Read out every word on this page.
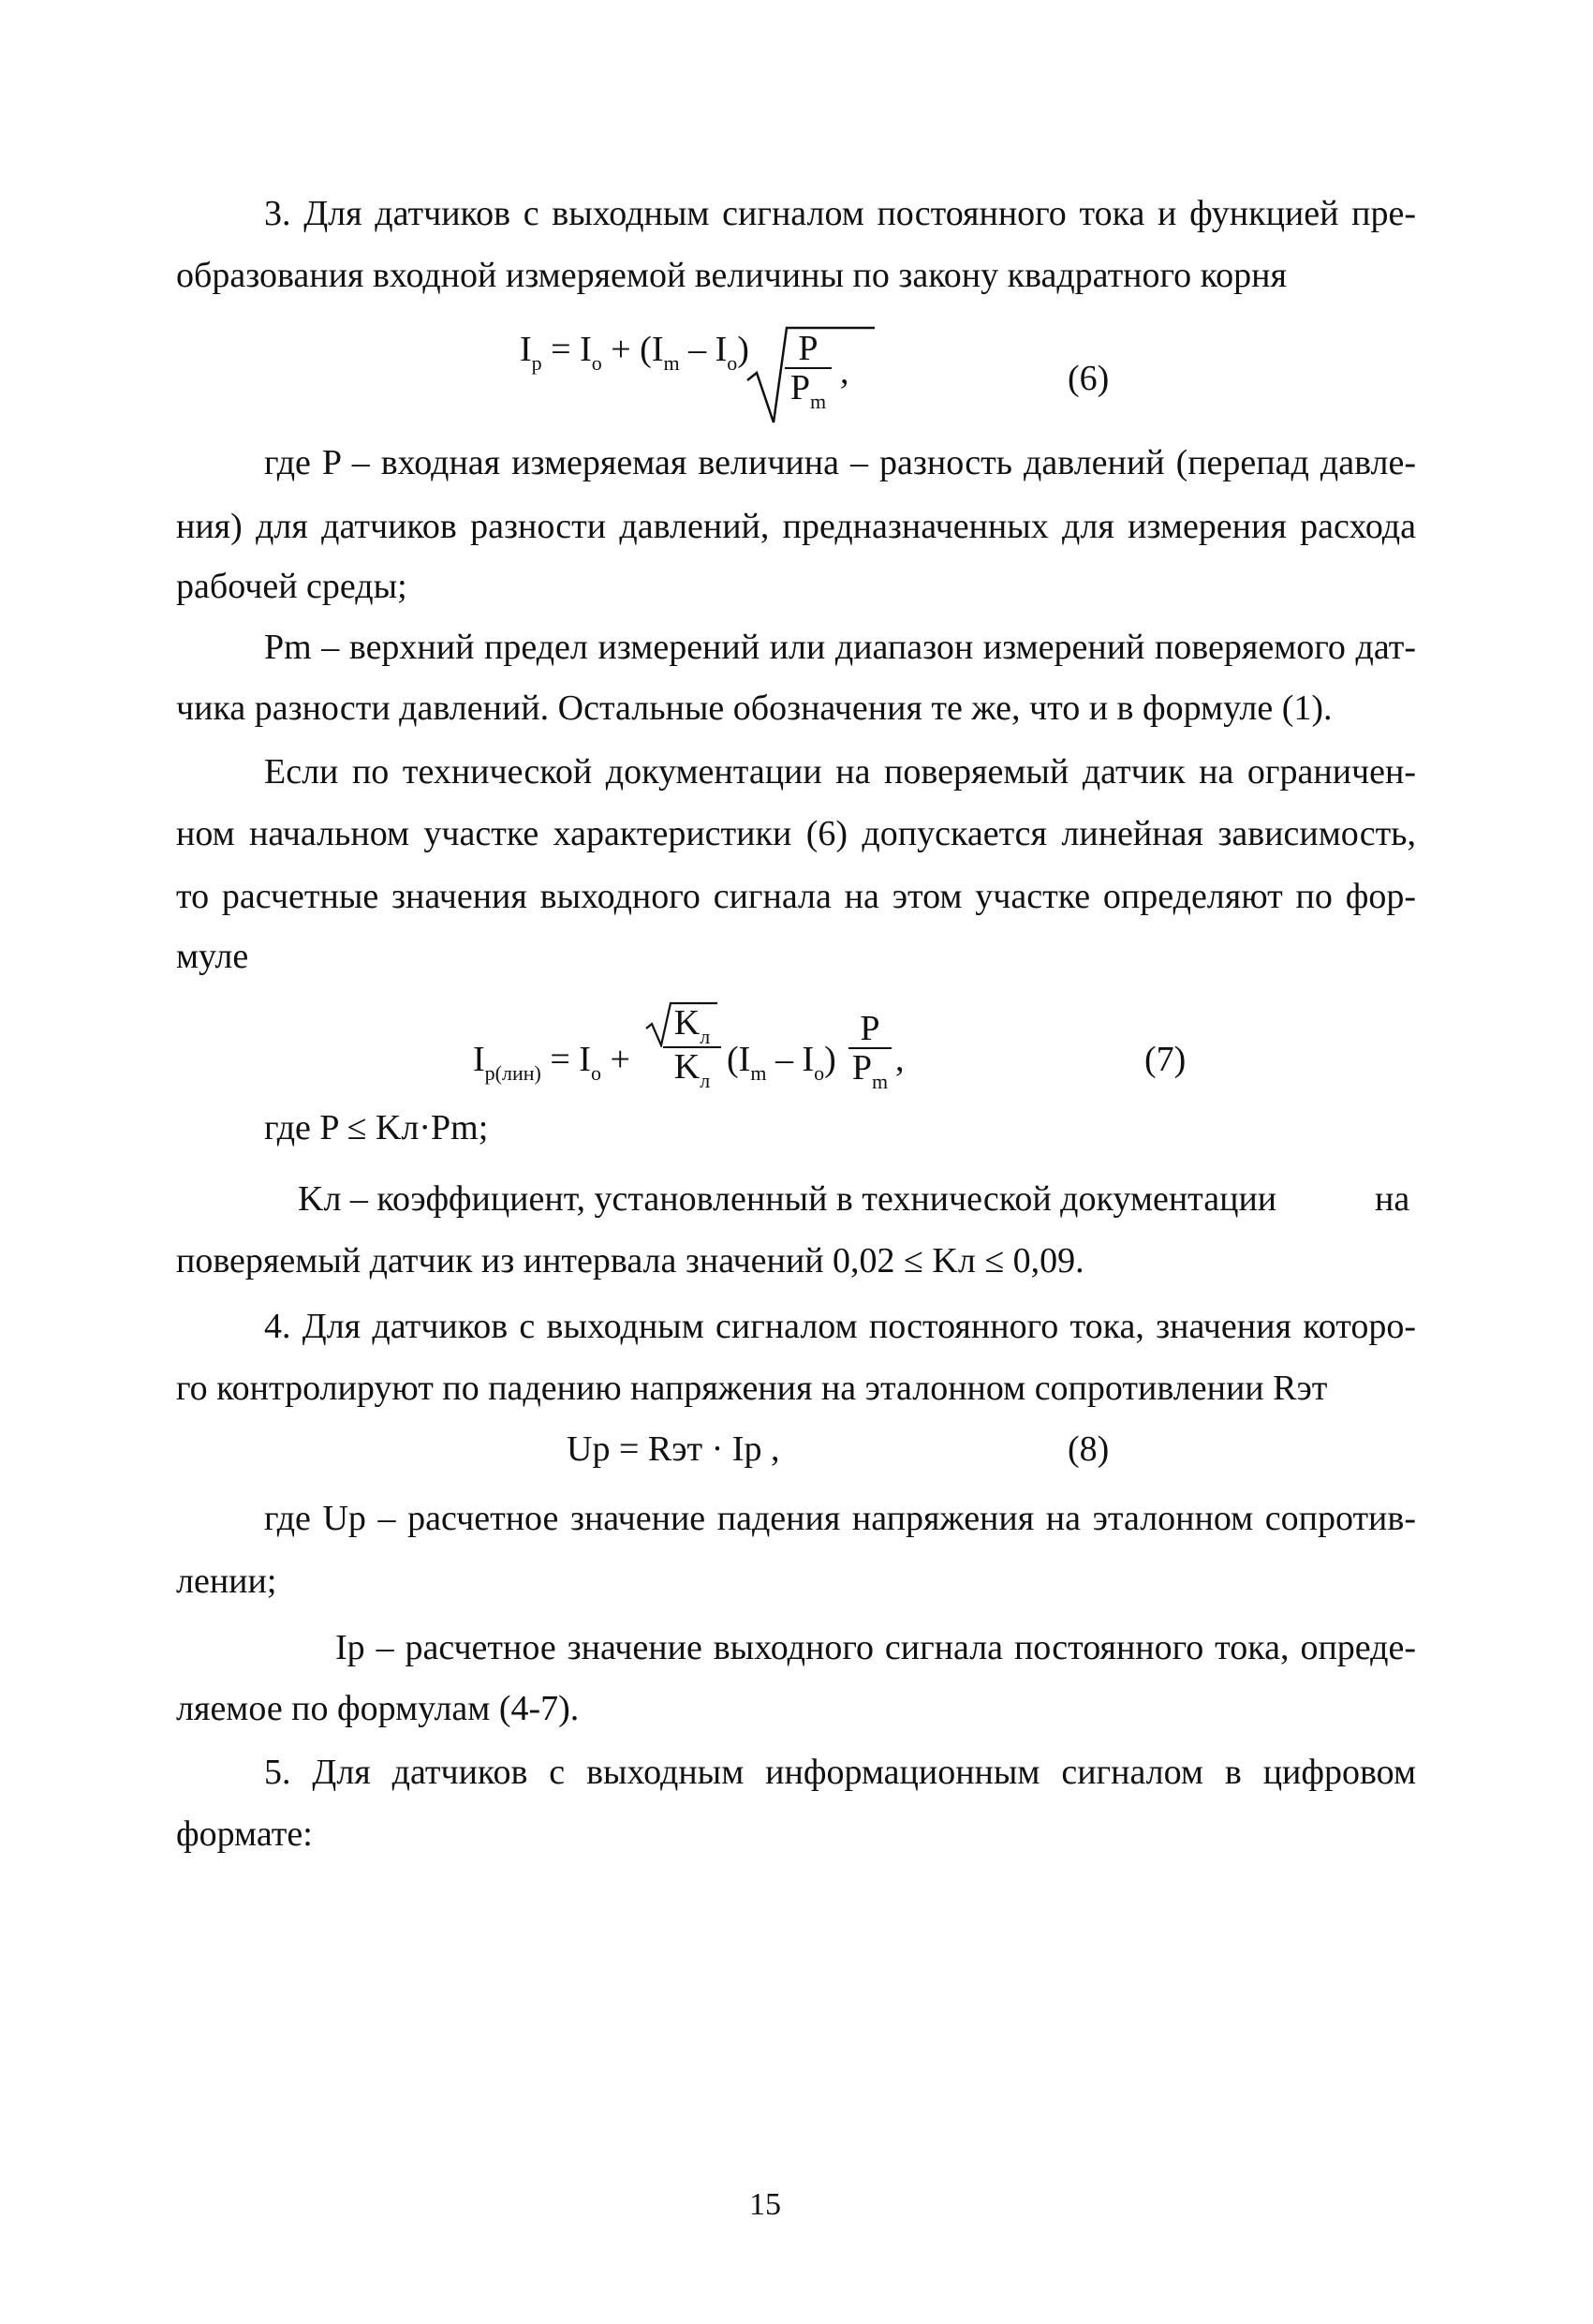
3. Для датчиков с выходным сигналом постоянного тока и функцией пре-
образования входной измеряемой величины по закону квадратного корня
$I_p = I_o + (I_m - I_o) \frac{P}{P_m}$ ,	(6)
где P – входная измеряемая величина – разность давлений (перепад давле-
ния) для датчиков разности давлений, предназначенных для измерения расхода
рабочей среды;
Pm – верхний предел измерений или диапазон измерений поверяемого дат-
чика разности давлений. Остальные обозначения те же, что и в формуле (1).
Если по технической документации на поверяемый датчик на ограничен-
ном начальном участке характеристики (6) допускается линейная зависимость,
то расчетные значения выходного сигнала на этом участке определяют по фор-
муле
$I_{p(лин)} = I_o + \frac{K_л}{K_л} (I_m - I_o) \frac{P}{P_m}$ ,	(7)
где P ≤ Kл·Pm;
Kл – коэффициент, установленный в технической документации	на
поверяемый датчик из интервала значений 0,02 ≤ Kл ≤ 0,09.
4. Для датчиков с выходным сигналом постоянного тока, значения которо-
го контролируют по падению напряжения на эталонном сопротивлении Rэт
Up = Rэт · Ip ,	(8)
где Up – расчетное значение падения напряжения на эталонном сопротив-
лении;
Ip – расчетное значение выходного сигнала постоянного тока, опреде-
ляемое по формулам (4-7).
5. Для датчиков с выходным информационным сигналом в цифровом
формате:
15
